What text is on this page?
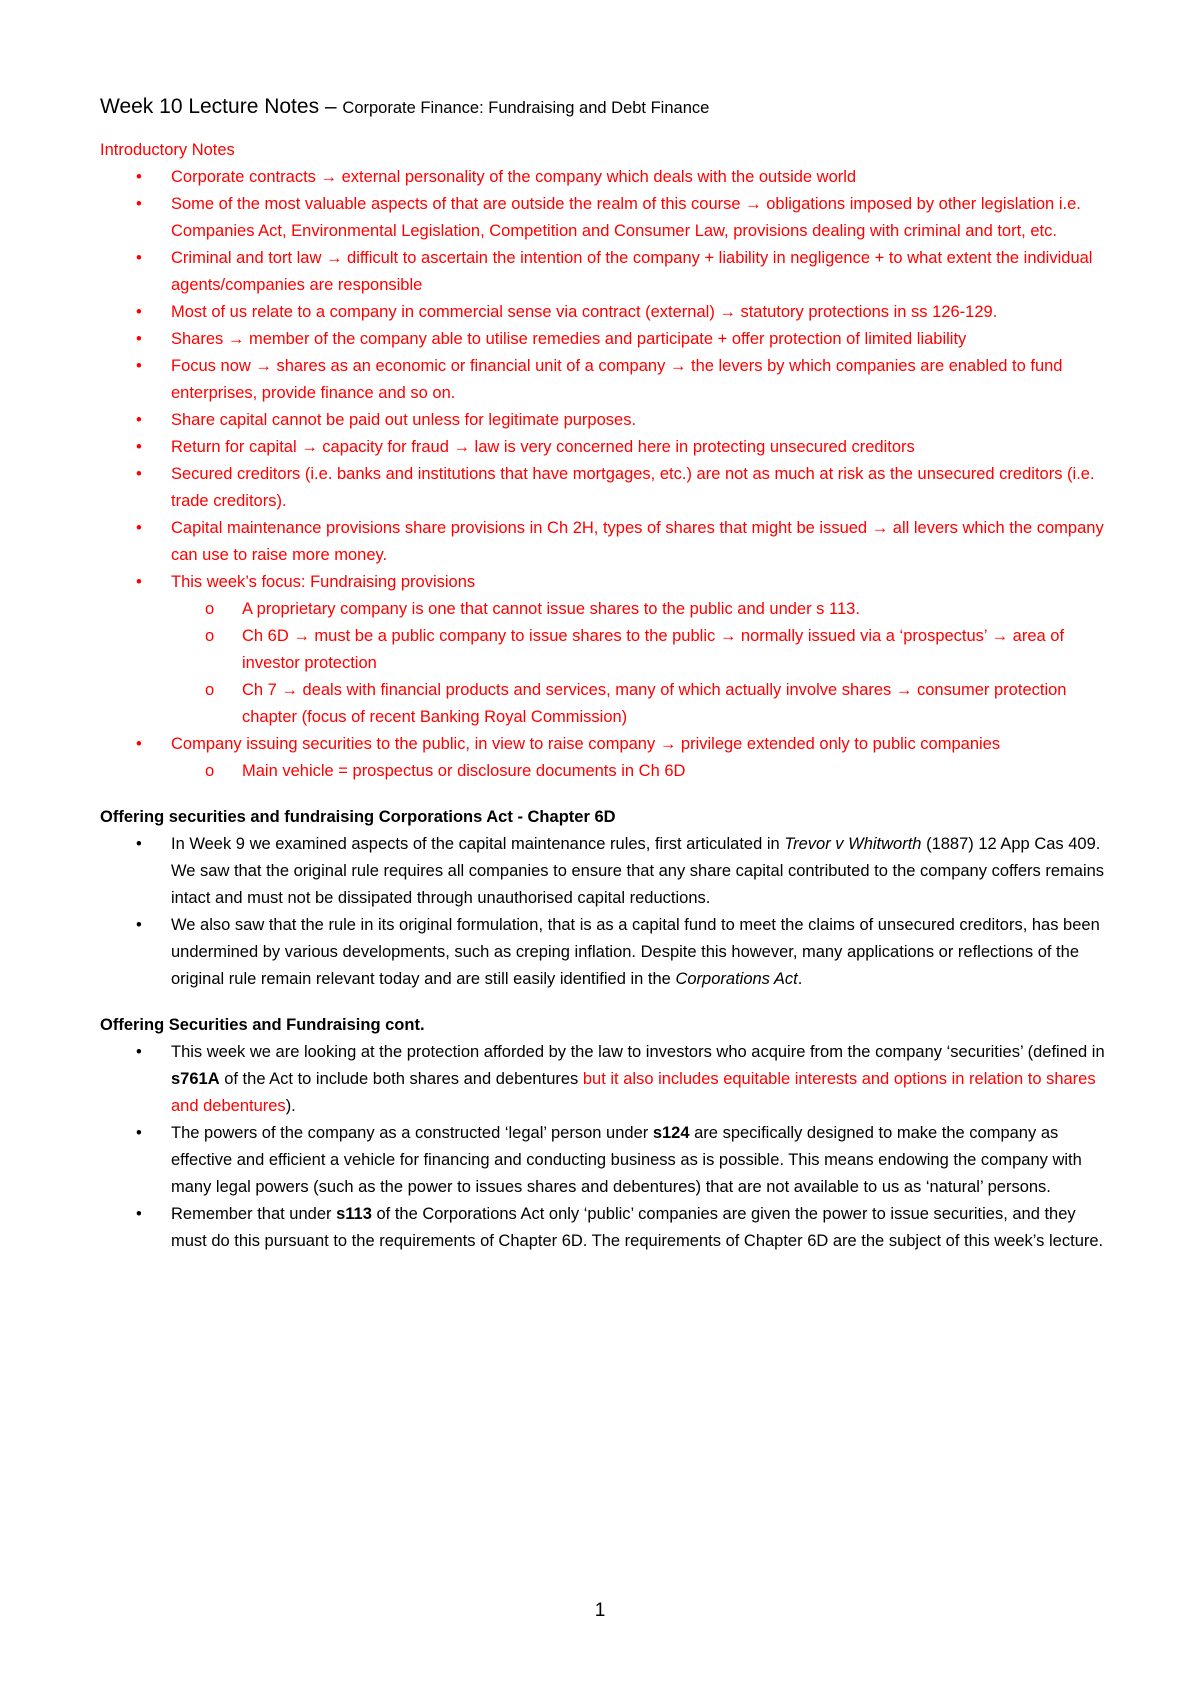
Week 10 Lecture Notes – Corporate Finance: Fundraising and Debt Finance

Introductory Notes

• Corporate contracts → external personality of the company which deals with the outside world
• Some of the most valuable aspects of that are outside the realm of this course → obligations imposed by other legislation i.e. Companies Act, Environmental Legislation, Competition and Consumer Law, provisions dealing with criminal and tort, etc.
• Criminal and tort law → difficult to ascertain the intention of the company + liability in negligence + to what extent the individual agents/companies are responsible
• Most of us relate to a company in commercial sense via contract (external) → statutory protections in ss 126-129.
• Shares → member of the company able to utilise remedies and participate + offer protection of limited liability
• Focus now → shares as an economic or financial unit of a company → the levers by which companies are enabled to fund enterprises, provide finance and so on.
• Share capital cannot be paid out unless for legitimate purposes.
• Return for capital → capacity for fraud → law is very concerned here in protecting unsecured creditors
• Secured creditors (i.e. banks and institutions that have mortgages, etc.) are not as much at risk as the unsecured creditors (i.e. trade creditors).
• Capital maintenance provisions share provisions in Ch 2H, types of shares that might be issued → all levers which the company can use to raise more money.
• This week’s focus: Fundraising provisions
o A proprietary company is one that cannot issue shares to the public and under s 113.
o Ch 6D → must be a public company to issue shares to the public → normally issued via a ‘prospectus’ → area of investor protection
o Ch 7 → deals with financial products and services, many of which actually involve shares → consumer protection chapter (focus of recent Banking Royal Commission)
• Company issuing securities to the public, in view to raise company → privilege extended only to public companies
o Main vehicle = prospectus or disclosure documents in Ch 6D

Offering securities and fundraising Corporations Act - Chapter 6D

• In Week 9 we examined aspects of the capital maintenance rules, first articulated in Trevor v Whitworth (1887) 12 App Cas 409. We saw that the original rule requires all companies to ensure that any share capital contributed to the company coffers remains intact and must not be dissipated through unauthorised capital reductions.
• We also saw that the rule in its original formulation, that is as a capital fund to meet the claims of unsecured creditors, has been undermined by various developments, such as creping inflation. Despite this however, many applications or reflections of the original rule remain relevant today and are still easily identified in the Corporations Act.

Offering Securities and Fundraising cont.

• This week we are looking at the protection afforded by the law to investors who acquire from the company ‘securities’ (defined in s761A of the Act to include both shares and debentures but it also includes equitable interests and options in relation to shares and debentures).
• The powers of the company as a constructed ‘legal’ person under s124 are specifically designed to make the company as effective and efficient a vehicle for financing and conducting business as is possible. This means endowing the company with many legal powers (such as the power to issues shares and debentures) that are not available to us as ‘natural’ persons.
• Remember that under s113 of the Corporations Act only ‘public’ companies are given the power to issue securities, and they must do this pursuant to the requirements of Chapter 6D. The requirements of Chapter 6D are the subject of this week’s lecture.
1
